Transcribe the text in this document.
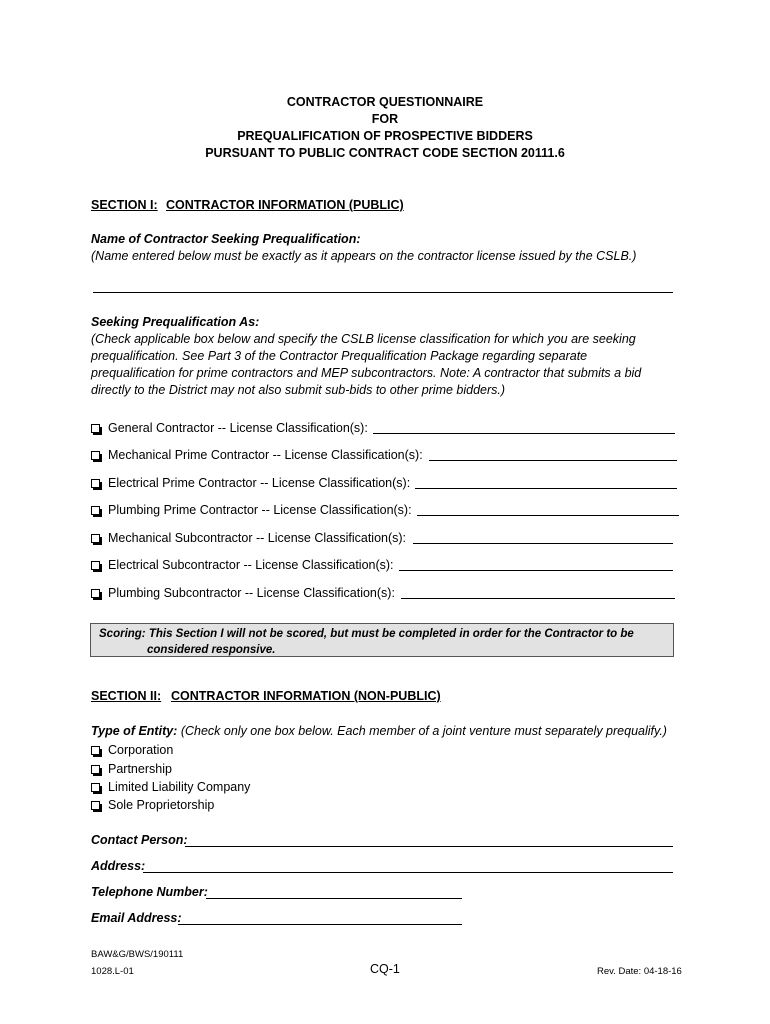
CONTRACTOR QUESTIONNAIRE
FOR
PREQUALIFICATION OF PROSPECTIVE BIDDERS
PURSUANT TO PUBLIC CONTRACT CODE SECTION 20111.6
SECTION I: CONTRACTOR INFORMATION (PUBLIC)
Name of Contractor Seeking Prequalification:
(Name entered below must be exactly as it appears on the contractor license issued by the CSLB.)
Seeking Prequalification As:
(Check applicable box below and specify the CSLB license classification for which you are seeking
prequalification. See Part 3 of the Contractor Prequalification Package regarding separate
prequalification for prime contractors and MEP subcontractors. Note: A contractor that submits a bid
directly to the District may not also submit sub-bids to other prime bidders.)
General Contractor -- License Classification(s):
Mechanical Prime Contractor -- License Classification(s):
Electrical Prime Contractor -- License Classification(s):
Plumbing Prime Contractor -- License Classification(s):
Mechanical Subcontractor -- License Classification(s):
Electrical Subcontractor -- License Classification(s):
Plumbing Subcontractor -- License Classification(s):
Scoring: This Section I will not be scored, but must be completed in order for the Contractor to be
considered responsive.
SECTION II: CONTRACTOR INFORMATION (NON-PUBLIC)
Type of Entity: (Check only one box below. Each member of a joint venture must separately prequalify.)
Corporation
Partnership
Limited Liability Company
Sole Proprietorship
Contact Person:
Address:
Telephone Number:
Email Address:
BAW&G/BWS/190111
1028.L-01	CQ-1	Rev. Date: 04-18-16
